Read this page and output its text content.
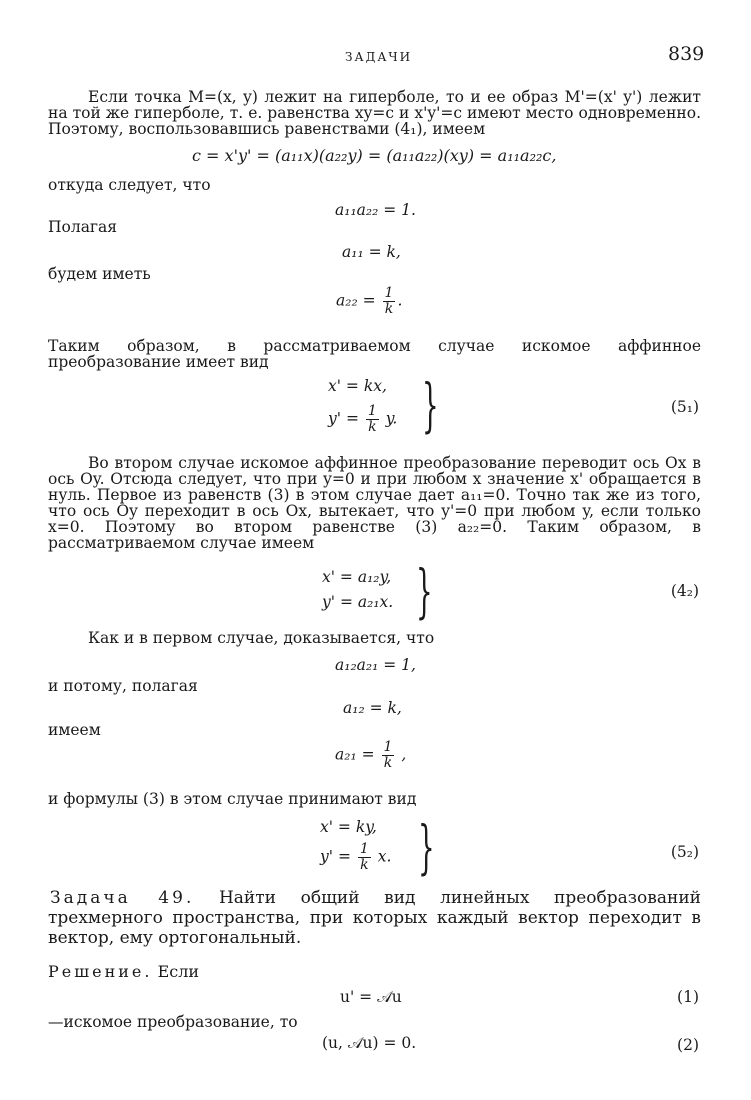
ЗАДАЧИ	839
Если точка M=(x, y) лежит на гиперболе, то и ее образ M'=(x' y') лежит на той же гиперболе, т. е. равенства xy=c и x'y'=c имеют место одновременно. Поэтому, воспользовавшись равенствами (4₁), имеем
c = x'y' = (a₁₁x)(a₂₂y) = (a₁₁a₂₂)(xy) = a₁₁a₂₂c,
откуда следует, что
a₁₁a₂₂ = 1.
Полагая
a₁₁ = k,
будем иметь
$a_{22} = \frac{1}{k}$ .
Таким образом, в рассматриваемом случае искомое аффинное преобразование имеет вид
x' = kx,
$y' = \frac{1}{k} y$. }	(5₁)
Во втором случае искомое аффинное преобразование переводит ось Ox в ось Oy. Отсюда следует, что при y=0 и при любом x значение x' обращается в нуль. Первое из равенств (3) в этом случае дает a₁₁=0. Точно так же из того, что ось Oy переходит в ось Ox, вытекает, что y'=0 при любом y, если только x=0. Поэтому во втором равенстве (3) a₂₂=0. Таким образом, в рассматриваемом случае имеем
x' = a₁₂y,
y' = a₂₁x. }	(4₂)
Как и в первом случае, доказывается, что
a₁₂a₂₁ = 1,
и потому, полагая
a₁₂ = k,
имеем
$a_{21} = \frac{1}{k}$ ,
и формулы (3) в этом случае принимают вид
x' = ky,
$y' = \frac{1}{k} x$. }	(5₂)
Задача 49. Найти общий вид линейных преобразований трехмерного пространства, при которых каждый вектор переходит в вектор, ему ортогональный.
Решение. Если
u' = 𝒜u	(1)
—искомое преобразование, то
(u, 𝒜u) = 0.	(2)
